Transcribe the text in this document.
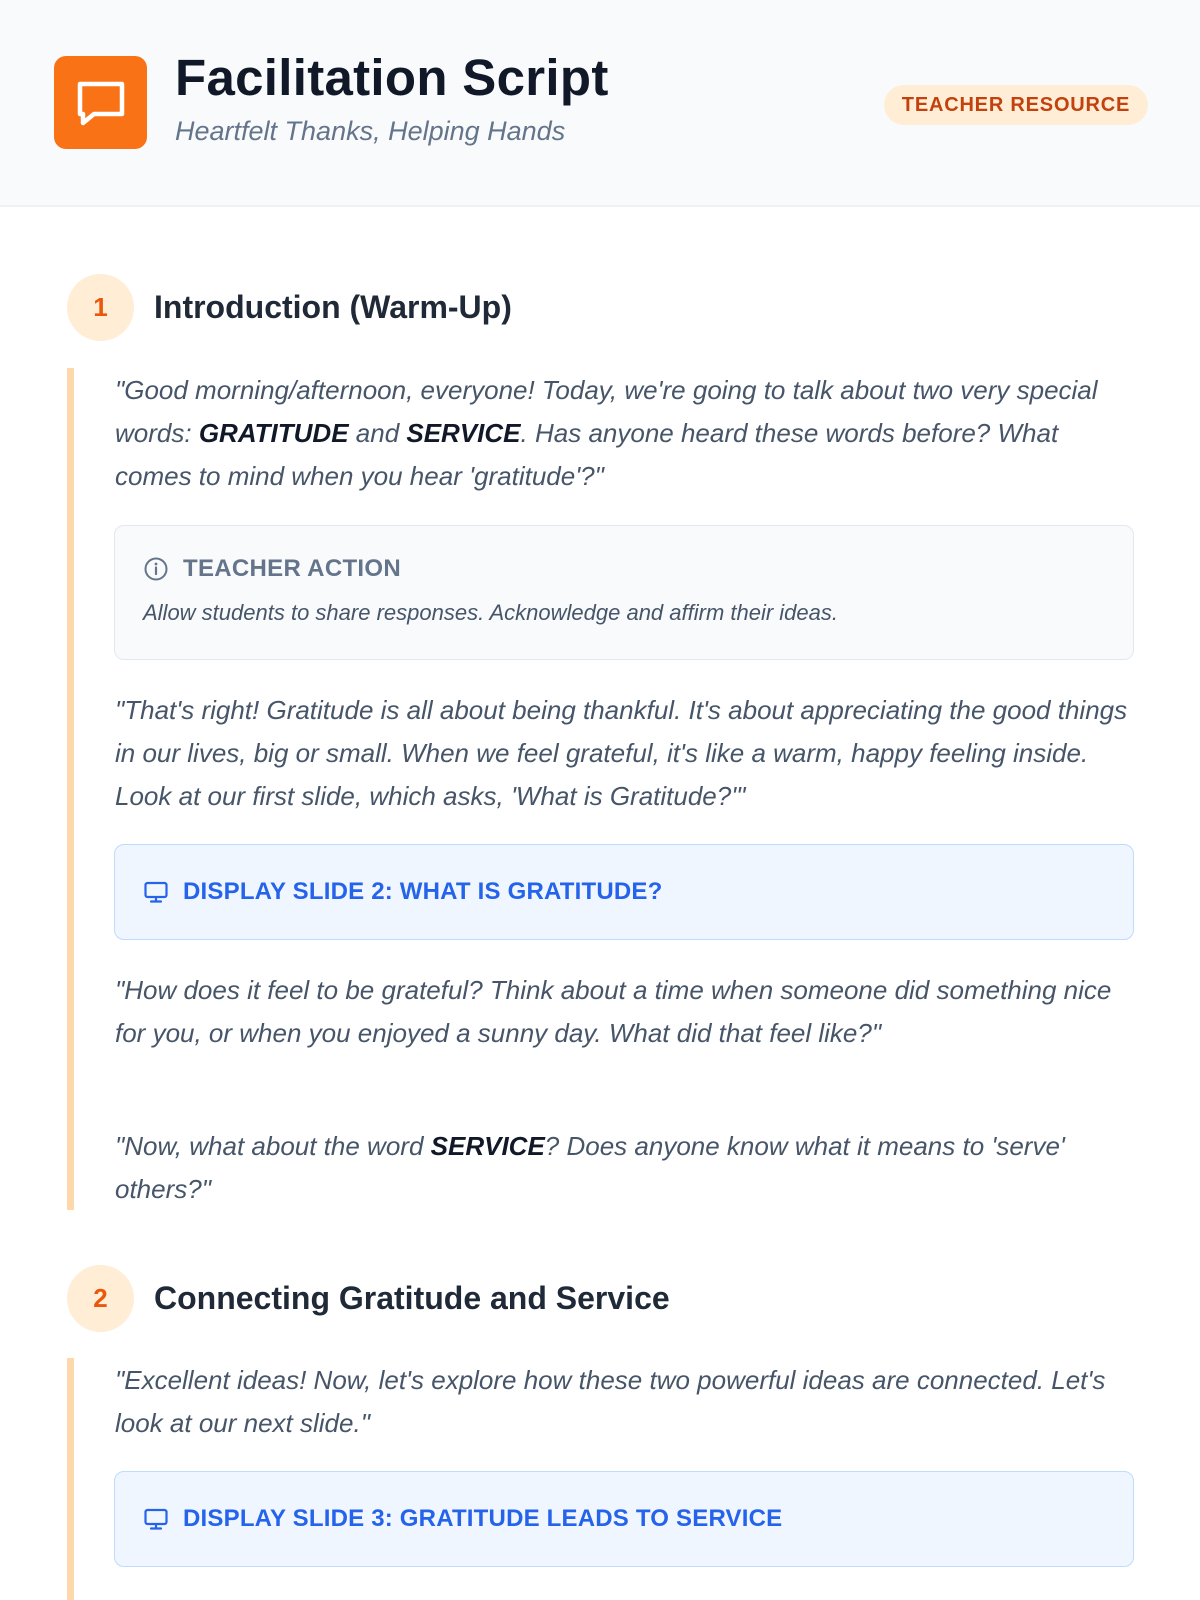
Facilitation Script
Heartfelt Thanks, Helping Hands
TEACHER RESOURCE
1	Introduction (Warm-Up)
"Good morning/afternoon, everyone! Today, we're going to talk about two very special words: GRATITUDE and SERVICE. Has anyone heard these words before? What comes to mind when you hear 'gratitude'?"
TEACHER ACTION
Allow students to share responses. Acknowledge and affirm their ideas.
"That's right! Gratitude is all about being thankful. It's about appreciating the good things in our lives, big or small. When we feel grateful, it's like a warm, happy feeling inside. Look at our first slide, which asks, 'What is Gratitude?'"
DISPLAY SLIDE 2: WHAT IS GRATITUDE?
"How does it feel to be grateful? Think about a time when someone did something nice for you, or when you enjoyed a sunny day. What did that feel like?"
"Now, what about the word SERVICE? Does anyone know what it means to 'serve' others?"
2	Connecting Gratitude and Service
"Excellent ideas! Now, let's explore how these two powerful ideas are connected. Let's look at our next slide."
DISPLAY SLIDE 3: GRATITUDE LEADS TO SERVICE
